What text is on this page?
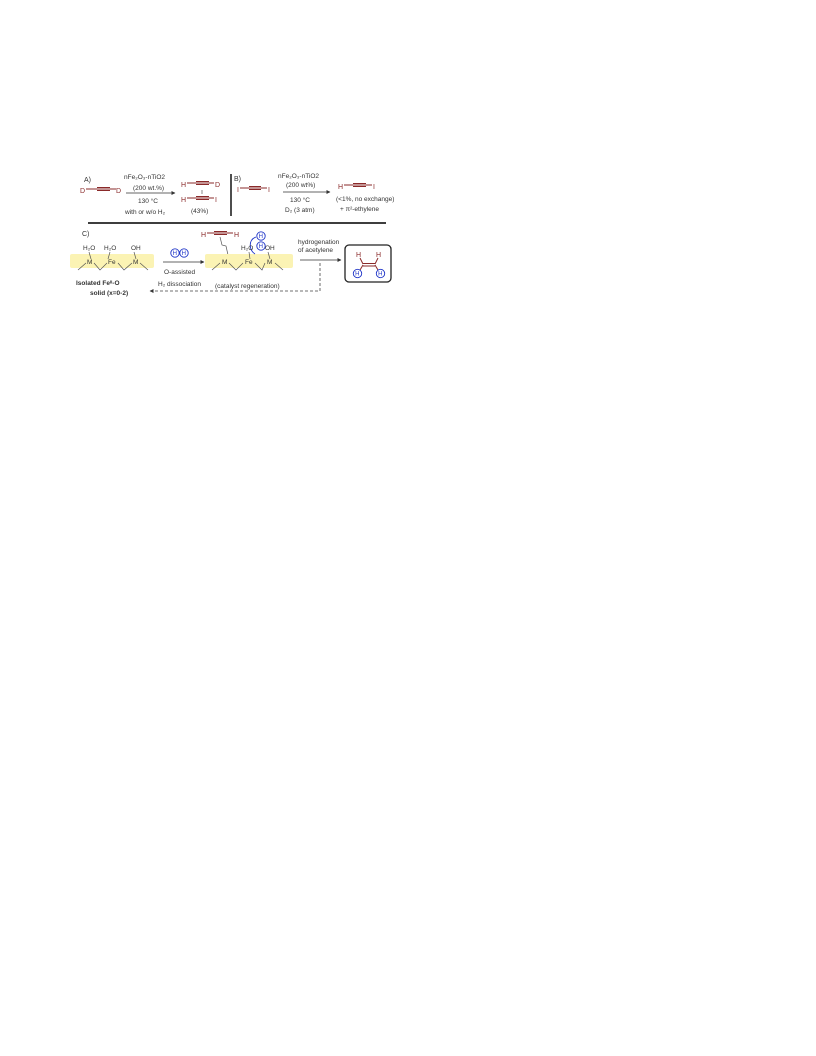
A)
D	D
nFe₂O₃-nTiO2
(200 wt.%)
130 °C
with or w/o H₂
H	D
H	I
(43%)
B)
I	I
nFe₂O₃-nTiO2
(200 wt%)
130 °C
D₂ (3 atm)
H	I
(<1%, no exchange)
+ π²-ethylene
C)
H₂O H₂O OH
M Fe	M
Isolated Feᴵᴵ-O
solid (x=0-2)
H H
O-assisted
H₂ dissociation
H	H	H
H
H₂O OH
M	Fe M
hydrogenation
of acetylene
(catalyst regeneration)
H H
H	H
